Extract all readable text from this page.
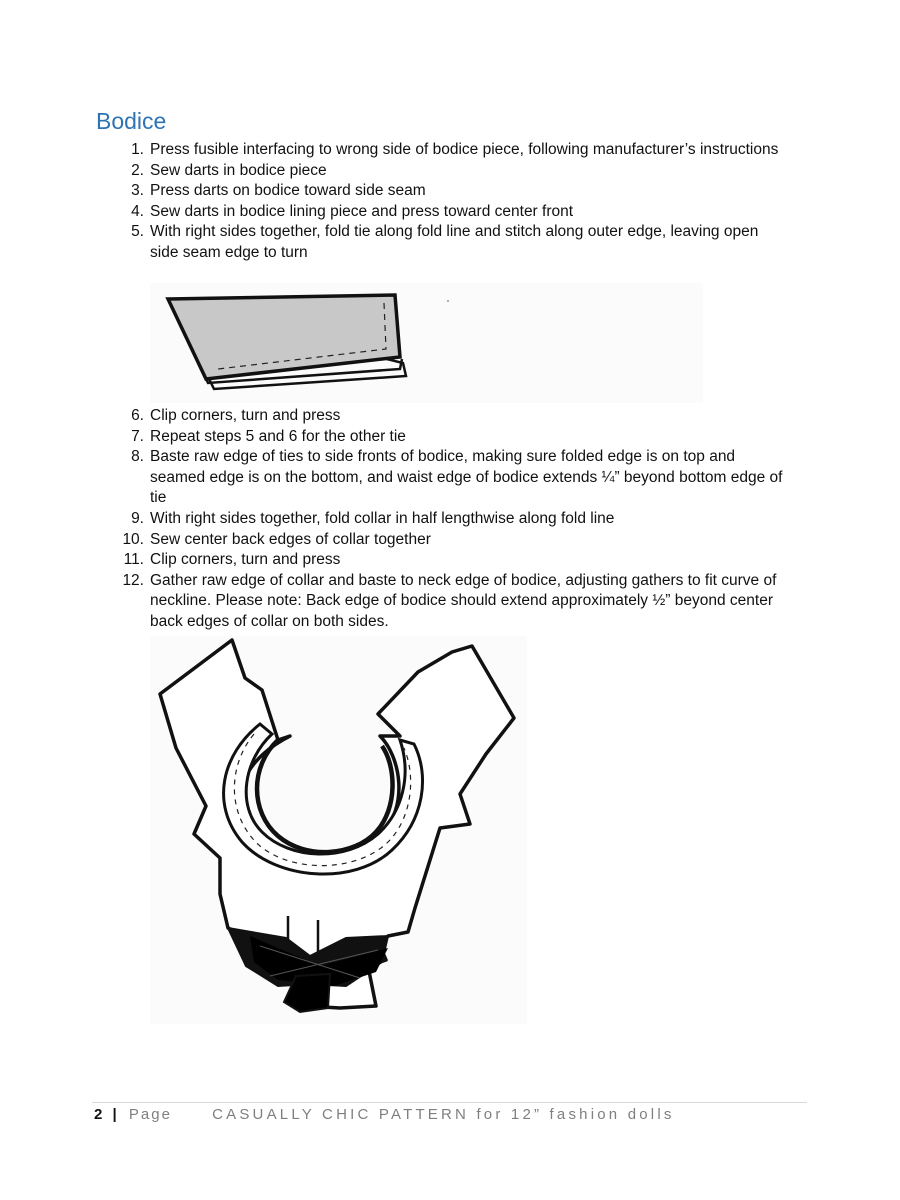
Bodice
1. Press fusible interfacing to wrong side of bodice piece, following manufacturer’s instructions
2. Sew darts in bodice piece
3. Press darts on bodice toward side seam
4. Sew darts in bodice lining piece and press toward center front
5. With right sides together, fold tie along fold line and stitch along outer edge, leaving open side seam edge to turn
6. Clip corners, turn and press
7. Repeat steps 5 and 6 for the other tie
8. Baste raw edge of ties to side fronts of bodice, making sure folded edge is on top and seamed edge is on the bottom, and waist edge of bodice extends ¼” beyond bottom edge of tie
9. With right sides together, fold collar in half lengthwise along fold line
10. Sew center back edges of collar together
11. Clip corners, turn and press
12. Gather raw edge of collar and baste to neck edge of bodice, adjusting gathers to fit curve of neckline. Please note: Back edge of bodice should extend approximately ½” beyond center back edges of collar on both sides.
2 | Page	CASUALLY CHIC PATTERN for 12” fashion dolls
